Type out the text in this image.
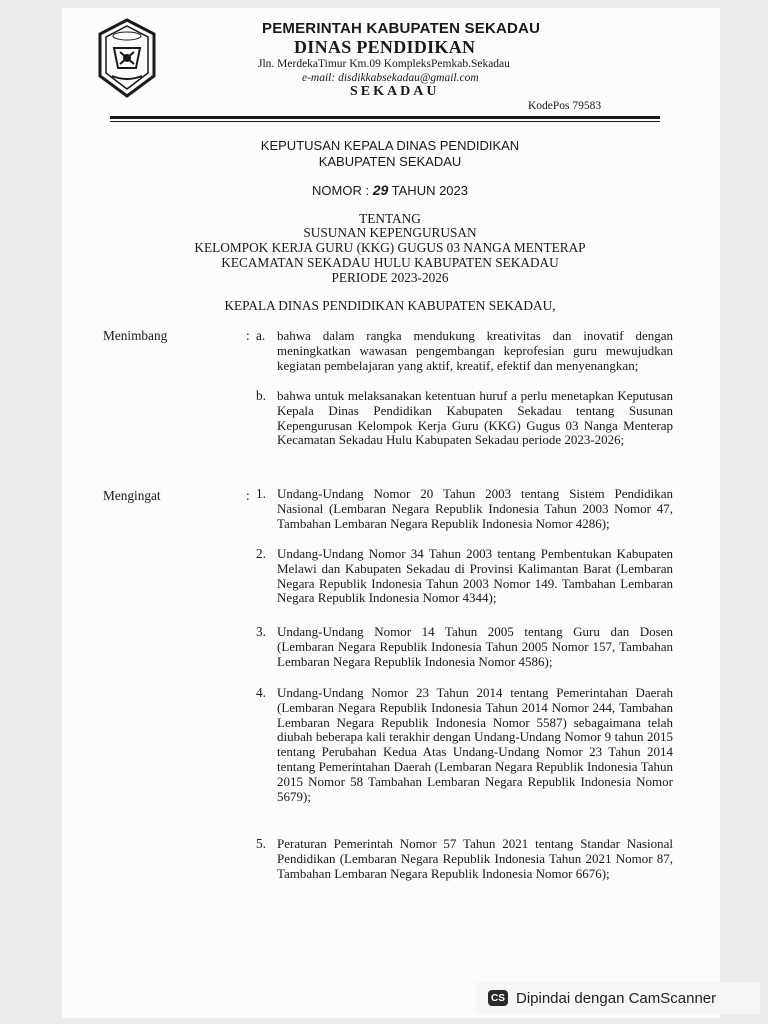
PEMERINTAH KABUPATEN SEKADAU
DINAS PENDIDIKAN
Jln. MerdekaTimur Km.09 KompleksPemkab.Sekadau
e-mail: disdikkabsekadau@gmail.com
SEKADAU
KodePos 79583
KEPUTUSAN KEPALA DINAS PENDIDIKAN
KABUPATEN SEKADAU
NOMOR : 29 TAHUN 2023
TENTANG
SUSUNAN KEPENGURUSAN
KELOMPOK KERJA GURU (KKG) GUGUS 03 NANGA MENTERAP
KECAMATAN SEKADAU HULU KABUPATEN SEKADAU
PERIODE 2023-2026
KEPALA DINAS PENDIDIKAN KABUPATEN SEKADAU,
Menimbang	: a. bahwa dalam rangka mendukung kreativitas dan inovatif dengan meningkatkan wawasan pengembangan keprofesian guru mewujudkan kegiatan pembelajaran yang aktif, kreatif, efektif dan menyenangkan;
b. bahwa untuk melaksanakan ketentuan huruf a perlu menetapkan Keputusan Kepala Dinas Pendidikan Kabupaten Sekadau tentang Susunan Kepengurusan Kelompok Kerja Guru (KKG) Gugus 03 Nanga Menterap Kecamatan Sekadau Hulu Kabupaten Sekadau periode 2023-2026;
Mengingat	: 1. Undang-Undang Nomor 20 Tahun 2003 tentang Sistem Pendidikan Nasional (Lembaran Negara Republik Indonesia Tahun 2003 Nomor 47, Tambahan Lembaran Negara Republik Indonesia Nomor 4286);
2. Undang-Undang Nomor 34 Tahun 2003 tentang Pembentukan Kabupaten Melawi dan Kabupaten Sekadau di Provinsi Kalimantan Barat (Lembaran Negara Republik Indonesia Tahun 2003 Nomor 149. Tambahan Lembaran Negara Republik Indonesia Nomor 4344);
3. Undang-Undang Nomor 14 Tahun 2005 tentang Guru dan Dosen (Lembaran Negara Republik Indonesia Tahun 2005 Nomor 157, Tambahan Lembaran Negara Republik Indonesia Nomor 4586);
4. Undang-Undang Nomor 23 Tahun 2014 tentang Pemerintahan Daerah (Lembaran Negara Republik Indonesia Tahun 2014 Nomor 244, Tambahan Lembaran Negara Republik Indonesia Nomor 5587) sebagaimana telah diubah beberapa kali terakhir dengan Undang-Undang Nomor 9 tahun 2015 tentang Perubahan Kedua Atas Undang-Undang Nomor 23 Tahun 2014 tentang Pemerintahan Daerah (Lembaran Negara Republik Indonesia Tahun 2015 Nomor 58 Tambahan Lembaran Negara Republik Indonesia Nomor 5679);
5. Peraturan Pemerintah Nomor 57 Tahun 2021 tentang Standar Nasional Pendidikan (Lembaran Negara Republik Indonesia Tahun 2021 Nomor 87, Tambahan Lembaran Negara Republik Indonesia Nomor 6676);
CS Dipindai dengan CamScanner
